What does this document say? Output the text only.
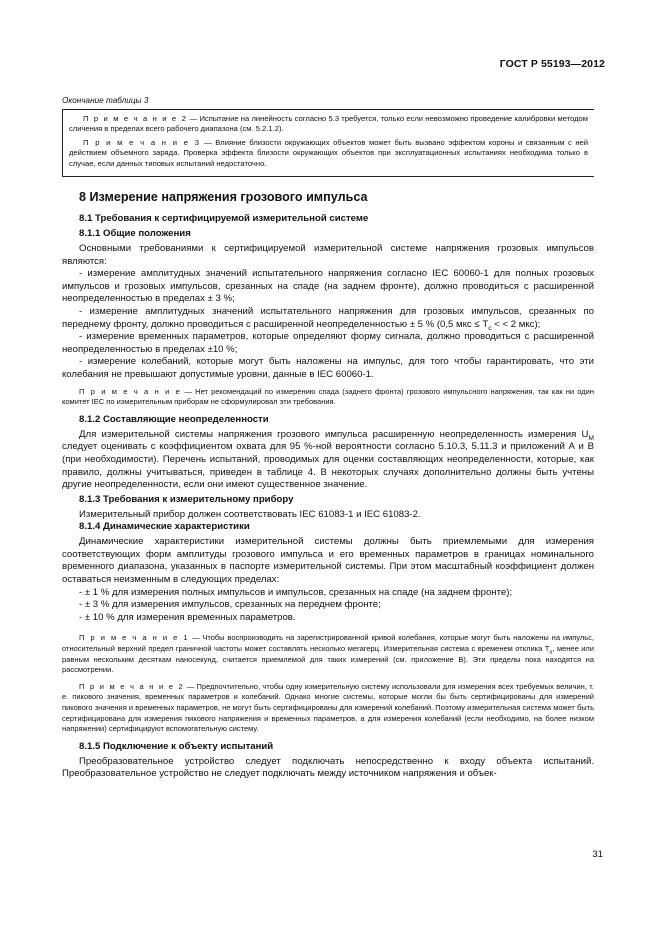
ГОСТ Р 55193—2012
Окончание таблицы 3

П р и м е ч а н и е 2 — Испытание на линейность согласно 5.3 требуется, только если невозможно проведение калибровки методом сличения в пределах всего рабочего диапазона (см. 5.2.1.2).

П р и м е ч а н и е 3 — Влияние близости окружающих объектов может быть вызвано эффектом короны и связанным с ней действием объемного заряда. Проверка эффекта близости окружающих объектов при эксплуатационных испытаниях необходима только в случае, если данных типовых испытаний недостаточно.

8 Измерение напряжения грозового импульса
8.1 Требования к сертифицируемой измерительной системе
8.1.1 Общие положения

Основными требованиями к сертифицируемой измерительной системе напряжения грозовых импульсов являются:

- измерение амплитудных значений испытательного напряжения согласно IEC 60060-1 для полных грозовых импульсов и грозовых импульсов, срезанных на спаде (на заднем фронте), должно проводиться с расширенной неопределенностью в пределах ± 3 %;

- измерение амплитудных значений испытательного напряжения для грозовых импульсов, срезанных по переднему фронту, должно проводиться с расширенной неопределенностью ± 5 % (0,5 мкс ≤ $T_c$ < < 2 мкс);

- измерение временных параметров, которые определяют форму сигнала, должно проводиться с расширенной неопределенностью в пределах ±10 %;

- измерение колебаний, которые могут быть наложены на импульс, для того чтобы гарантировать, что эти колебания не превышают допустимые уровни, данные в IEC 60060-1.

П р и м е ч а н и е — Нет рекомендаций по измерению спада (заднего фронта) грозового импульсного напряжения, так как ни один комитет IEC по измерительным приборам не сформулировал эти требования.

8.1.2 Составляющие неопределенности

Для измерительной системы напряжения грозового импульса расширенную неопределенность измерения $U_M$ следует оценивать с коэффициентом охвата для 95 %-ной вероятности согласно 5.10.3, 5.11.3 и приложений А и В (при необходимости). Перечень испытаний, проводимых для оценки составляющих неопределенности, которые, как правило, должны учитываться, приведен в таблице 4. В некоторых случаях дополнительно должны быть учтены другие неопределенности, если они имеют существенное значение.

8.1.3 Требования к измерительному прибору

Измерительный прибор должен соответствовать IEC 61083-1 и IEC 61083-2.

8.1.4 Динамические характеристики

Динамические характеристики измерительной системы должны быть приемлемыми для измерения соответствующих форм амплитуды грозового импульса и его временных параметров в границах номинального временного диапазона, указанных в паспорте измерительной системы. При этом масштабный коэффициент должен оставаться неизменным в следующих пределах:

- ± 1 % для измерения полных импульсов и импульсов, срезанных на спаде (на заднем фронте);

- ± 3 % для измерения импульсов, срезанных на переднем фронте;

- ± 10 % для измерения временных параметров.

П р и м е ч а н и е 1 — Чтобы воспроизводить на зарегистрированной кривой колебания, которые могут быть наложены на импульс, относительный верхний предел граничной частоты может составлять несколько мегагерц. Измерительная система с временем отклика $T_\alpha$, менее или равным нескольким десяткам наносекунд, считается приемлемой для таких измерений (см. приложение В). Эти пределы пока находятся на рассмотрении.

П р и м е ч а н и е 2 — Предпочтительно, чтобы одну измерительную систему использовали для измерения всех требуемых величин, т. е. пикового значения, временных параметров и колебаний. Однако многие системы, которые могли бы быть сертифицированы для измерений пикового значения и временных параметров, не могут быть сертифицированы для измерений колебаний. Поэтому измерительная система может быть сертифицирована для измерения пикового напряжения и временных параметров, а для измерения колебаний (если необходимо, на более низком напряжении) сертифицируют вспомогательную систему.

8.1.5 Подключение к объекту испытаний

Преобразовательное устройство следует подключать непосредственно к входу объекта испытаний. Преобразовательное устройство не следует подключать между источником напряжения и объек-

31
